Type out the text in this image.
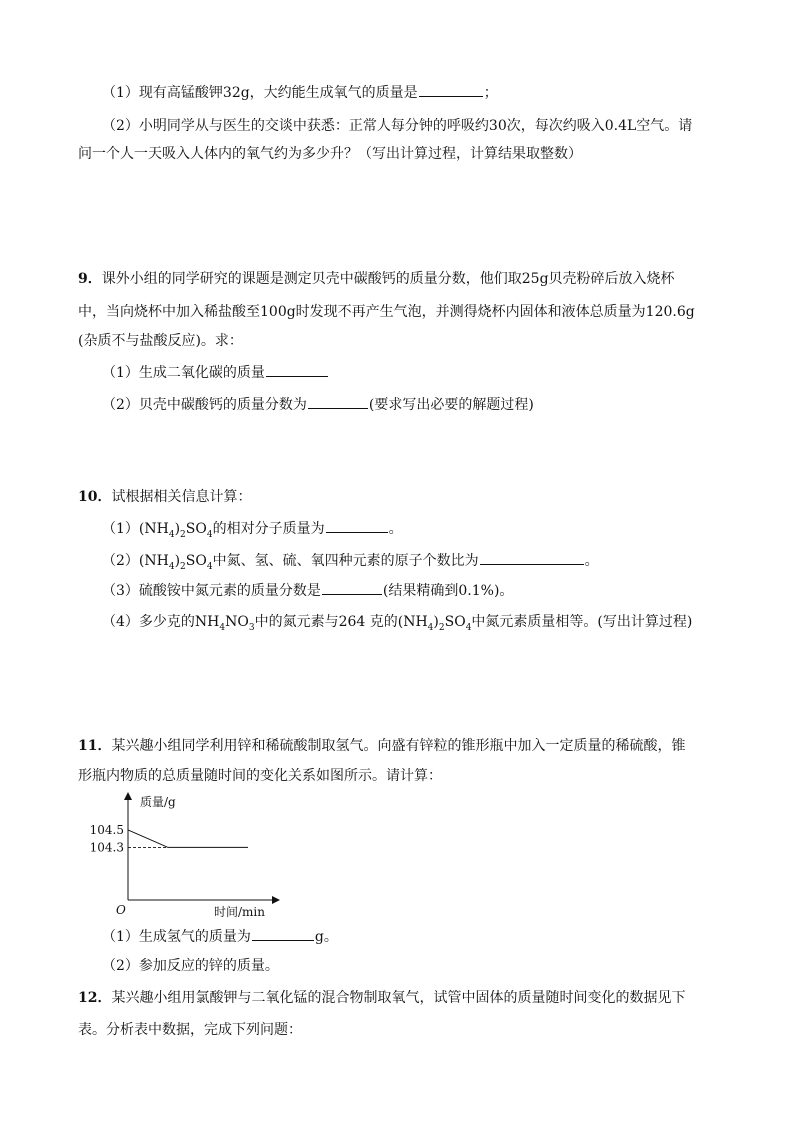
（1）现有高锰酸钾32g，大约能生成氧气的质量是	；
（2）小明同学从与医生的交谈中获悉：正常人每分钟的呼吸约30次，每次约吸入0.4L空气。请
问一个人一天吸入人体内的氧气约为多少升？（写出计算过程，计算结果取整数）
9．课外小组的同学研究的课题是测定贝壳中碳酸钙的质量分数，他们取25g贝壳粉碎后放入烧杯
中，当向烧杯中加入稀盐酸至100g时发现不再产生气泡，并测得烧杯内固体和液体总质量为120.6g
(杂质不与盐酸反应)。求：
（1）生成二氧化碳的质量
（2）贝壳中碳酸钙的质量分数为	(要求写出必要的解题过程)
10．试根据相关信息计算：
$(1)(NH_4)_2SO_4$的相对分子质量为	。
$(2)(NH_4)_2SO_4$中氮、氢、硫、氧四种元素的原子个数比为	。
（3）硫酸铵中氮元素的质量分数是	(结果精确到0.1%)。
（4）多少克的$NH_4NO_3$中的氮元素与264 克的$(NH_4)_2SO_4$中氮元素质量相等。(写出计算过程)
11．某兴趣小组同学利用锌和稀硫酸制取氢气。向盛有锌粒的锥形瓶中加入一定质量的稀硫酸，锥
形瓶内物质的总质量随时间的变化关系如图所示。请计算：
质量/g
时间/min
O
104.5
104.3
（1）生成氢气的质量为	g。
（2）参加反应的锌的质量。
12．某兴趣小组用氯酸钾与二氧化锰的混合物制取氧气，试管中固体的质量随时间变化的数据见下
表。分析表中数据，完成下列问题：
